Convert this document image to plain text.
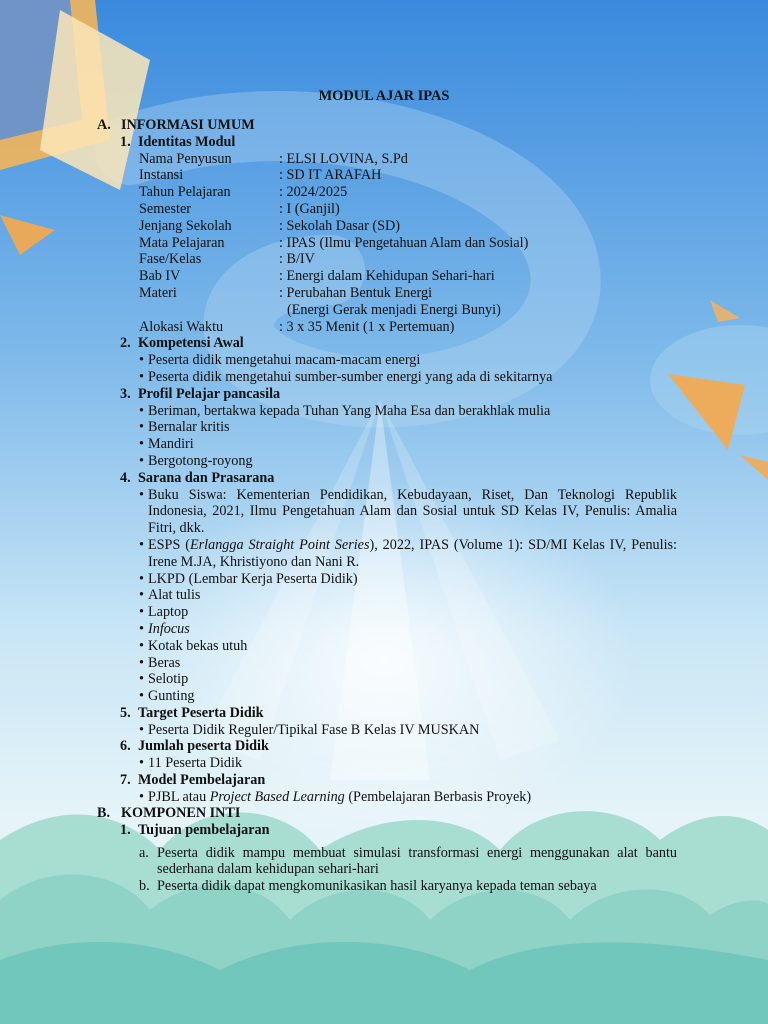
MODUL AJAR IPAS
A. INFORMASI UMUM
1. Identitas Modul
Nama Penyusun	: ELSI LOVINA, S.Pd
Instansi	: SD IT ARAFAH
Tahun Pelajaran	: 2024/2025
Semester	: I (Ganjil)
Jenjang Sekolah	: Sekolah Dasar (SD)
Mata Pelajaran	: IPAS (Ilmu Pengetahuan Alam dan Sosial)
Fase/Kelas	: B/IV
Bab IV	: Energi dalam Kehidupan Sehari-hari
Materi	: Perubahan Bentuk Energi
(Energi Gerak menjadi Energi Bunyi)
Alokasi Waktu	: 3 x 35 Menit (1 x Pertemuan)
2. Kompetensi Awal
• Peserta didik mengetahui macam-macam energi
• Peserta didik mengetahui sumber-sumber energi yang ada di sekitarnya
3. Profil Pelajar pancasila
• Beriman, bertakwa kepada Tuhan Yang Maha Esa dan berakhlak mulia
• Bernalar kritis
• Mandiri
• Bergotong-royong
4. Sarana dan Prasarana
• Buku Siswa: Kementerian Pendidikan, Kebudayaan, Riset, Dan Teknologi Republik Indonesia, 2021, Ilmu Pengetahuan Alam dan Sosial untuk SD Kelas IV, Penulis: Amalia Fitri, dkk.
• ESPS (Erlangga Straight Point Series), 2022, IPAS (Volume 1): SD/MI Kelas IV, Penulis: Irene M.JA, Khristiyono dan Nani R.
• LKPD (Lembar Kerja Peserta Didik)
• Alat tulis
• Laptop
• Infocus
• Kotak bekas utuh
• Beras
• Selotip
• Gunting
5. Target Peserta Didik
• Peserta Didik Reguler/Tipikal Fase B Kelas IV MUSKAN
6. Jumlah peserta Didik
• 11 Peserta Didik
7. Model Pembelajaran
• PJBL atau Project Based Learning (Pembelajaran Berbasis Proyek)
B. KOMPONEN INTI
1. Tujuan pembelajaran
a. Peserta didik mampu membuat simulasi transformasi energi menggunakan alat bantu sederhana dalam kehidupan sehari-hari
b. Peserta didik dapat mengkomunikasikan hasil karyanya kepada teman sebaya
